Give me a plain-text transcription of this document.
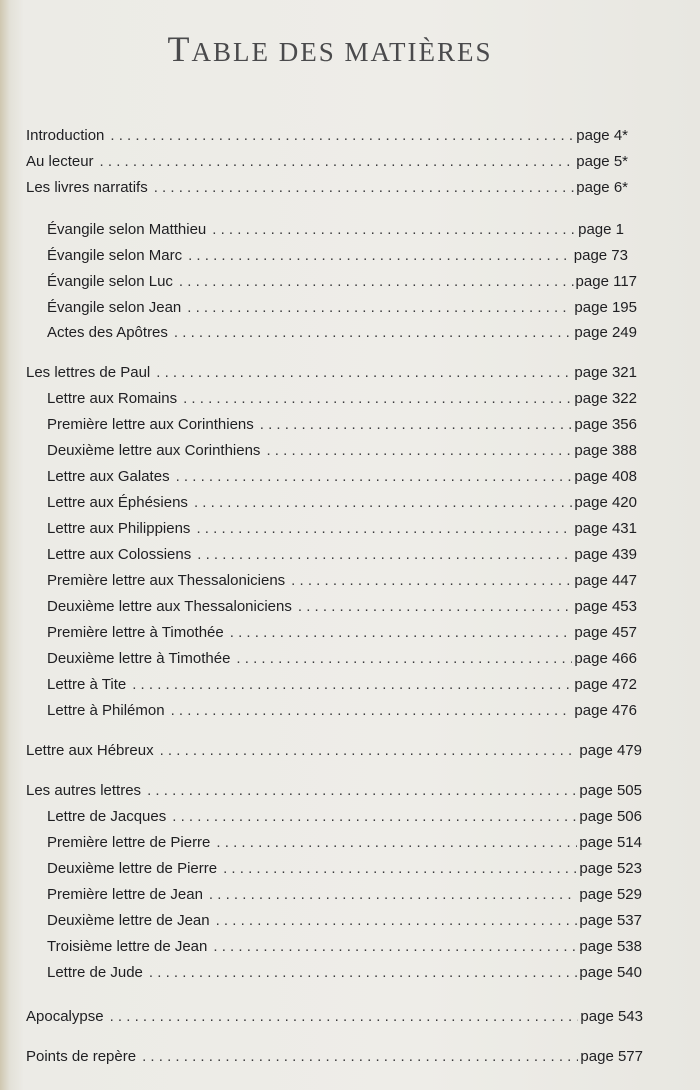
TABLE DES MATIÈRES
Introduction . . .	page 4*
Au lecteur . . .	page 5*
Les livres narratifs . . .	page 6*
Évangile selon Matthieu . . .	page 1
Évangile selon Marc . . .	page 73
Évangile selon Luc . . .	page 117
Évangile selon Jean . . .	page 195
Actes des Apôtres . . .	page 249
Les lettres de Paul . . .	page 321
Lettre aux Romains . . .	page 322
Première lettre aux Corinthiens . . .	page 356
Deuxième lettre aux Corinthiens . . .	page 388
Lettre aux Galates . . .	page 408
Lettre aux Éphésiens . . .	page 420
Lettre aux Philippiens . . .	page 431
Lettre aux Colossiens . . .	page 439
Première lettre aux Thessaloniciens . . .	page 447
Deuxième lettre aux Thessaloniciens . . .	page 453
Première lettre à Timothée . . .	page 457
Deuxième lettre à Timothée . . .	page 466
Lettre à Tite . . .	page 472
Lettre à Philémon . . .	page 476
Lettre aux Hébreux . . .	page 479
Les autres lettres . . .	page 505
Lettre de Jacques . . .	page 506
Première lettre de Pierre . . .	page 514
Deuxième lettre de Pierre . . .	page 523
Première lettre de Jean . . .	page 529
Deuxième lettre de Jean . . .	page 537
Troisième lettre de Jean . . .	page 538
Lettre de Jude . . .	page 540
Apocalypse . . .	page 543
Points de repère . . .	page 577
